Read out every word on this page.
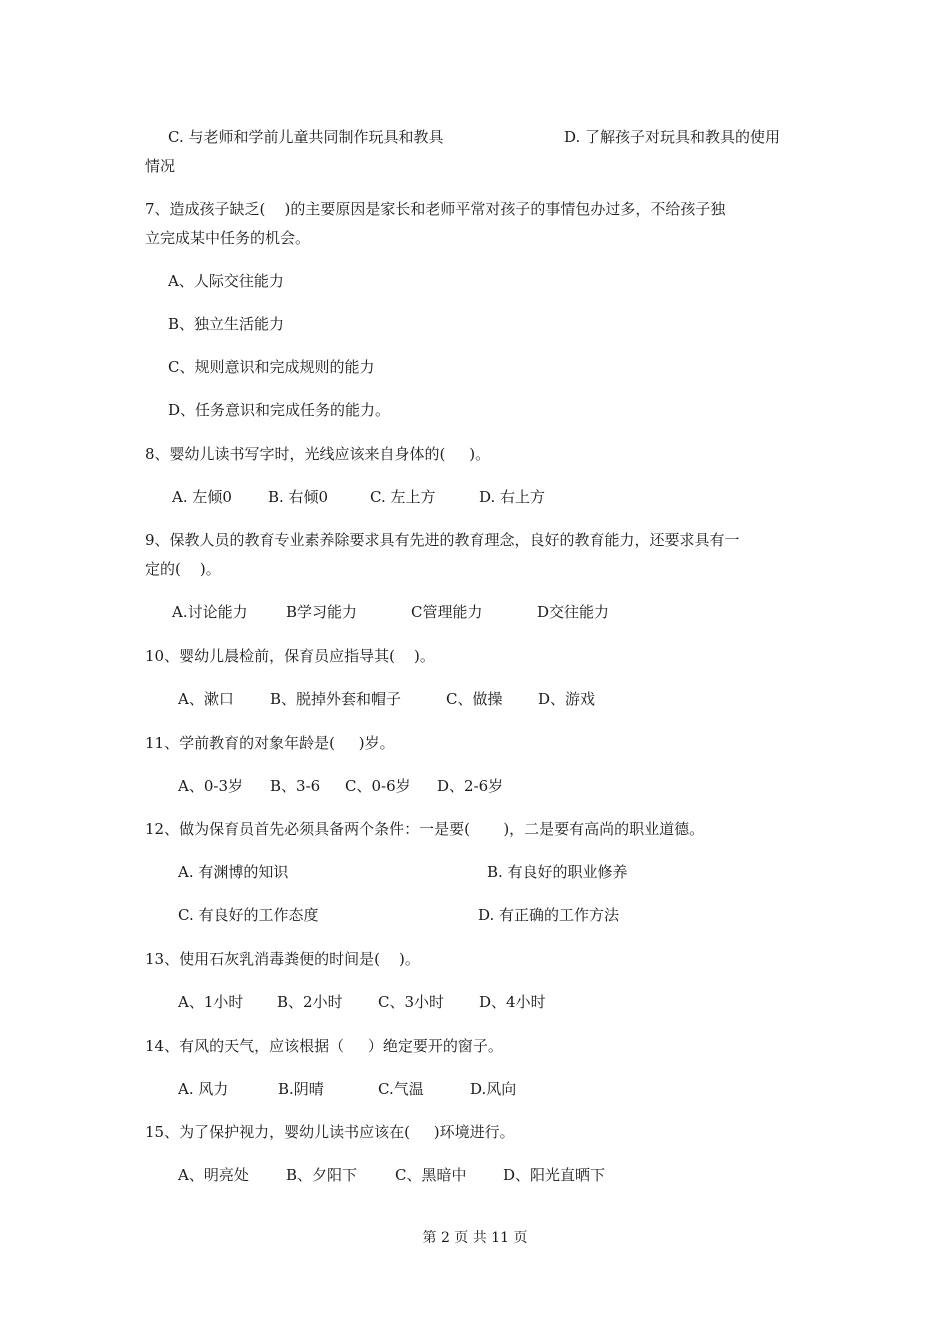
C. 与老师和学前儿童共同制作玩具和教具	D. 了解孩子对玩具和教具的使用
情况
7、造成孩子缺乏(    )的主要原因是家长和老师平常对孩子的事情包办过多，不给孩子独
立完成某中任务的机会。
A、人际交往能力
B、独立生活能力
C、规则意识和完成规则的能力
D、任务意识和完成任务的能力。
8、婴幼儿读书写字时，光线应该来自身体的(     )。
A. 左倾0 B. 右倾0	C. 左上方	D. 右上方
9、保教人员的教育专业素养除要求具有先进的教育理念，良好的教育能力，还要求具有一
定的(    )。
A.讨论能力	B学习能力	C管理能力	D交往能力
10、婴幼儿晨检前，保育员应指导其(    )。
A、漱口 B、脱掉外套和帽子	C、做操 D、游戏
11、学前教育的对象年龄是(     )岁。
A、0-3岁 B、3-6 C、0-6岁 D、2-6岁
12、做为保育员首先必须具备两个条件：一是要(       )，二是要有高尚的职业道德。
A. 有渊博的知识	B. 有良好的职业修养
C. 有良好的工作态度	D. 有正确的工作方法
13、使用石灰乳消毒粪便的时间是(    )。
A、1小时 B、2小时 C、3小时 D、4小时
14、有风的天气，应该根据（     ）绝定要开的窗子。
A. 风力	B.阴晴	C.气温	D.风向
15、为了保护视力，婴幼儿读书应该在(     )环境进行。
A、明亮处 B、夕阳下	C、黑暗中 D、阳光直晒下
第 2 页 共 11 页
